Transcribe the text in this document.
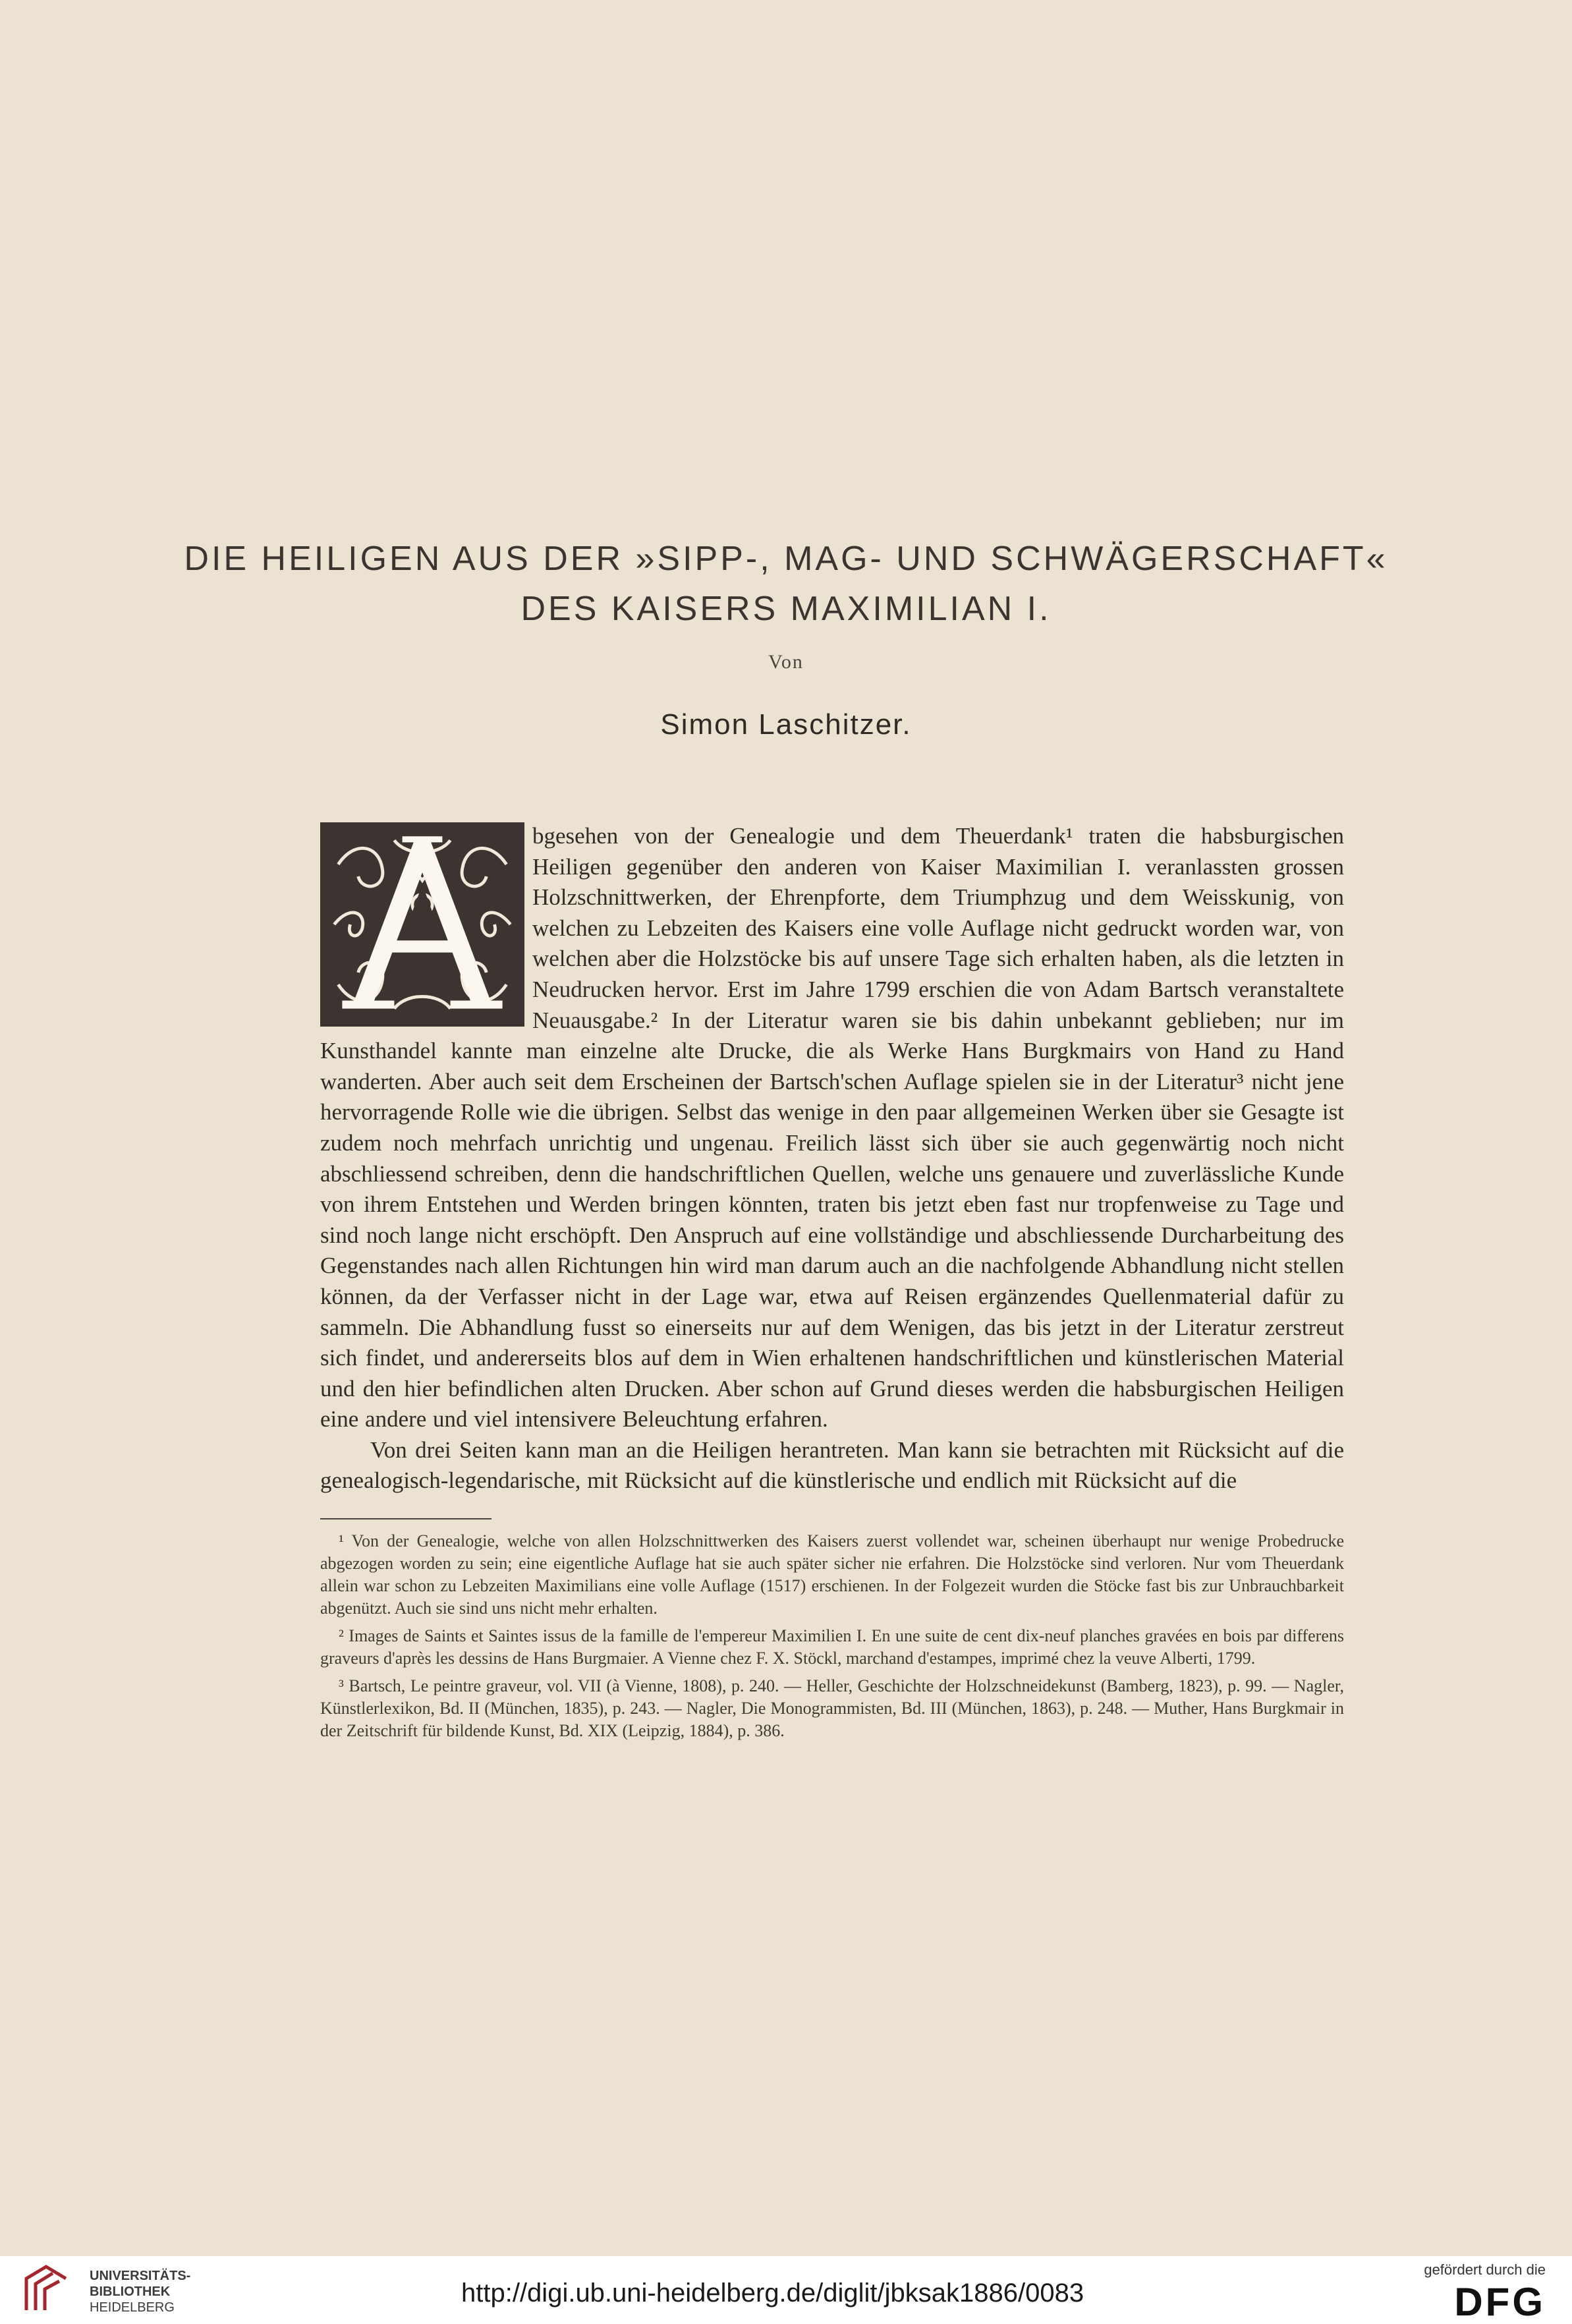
DIE HEILIGEN AUS DER »SIPP-, MAG- UND SCHWÄGERSCHAFT«
DES KAISERS MAXIMILIAN I.
Von
Simon Laschitzer.

bgesehen von der Genealogie und dem Theuerdank¹ traten die habsburgischen Heiligen gegenüber den anderen von Kaiser Maximilian I. veranlassten grossen Holzschnittwerken, der Ehrenpforte, dem Triumphzug und dem Weisskunig, von welchen zu Lebzeiten des Kaisers eine volle Auflage nicht gedruckt worden war, von welchen aber die Holzstöcke bis auf unsere Tage sich erhalten haben, als die letzten in Neudrucken hervor. Erst im Jahre 1799 erschien die von Adam Bartsch veranstaltete Neuausgabe.² In der Literatur waren sie bis dahin unbekannt geblieben; nur im Kunsthandel kannte man einzelne alte Drucke, die als Werke Hans Burgkmairs von Hand zu Hand wanderten. Aber auch seit dem Erscheinen der Bartsch'schen Auflage spielen sie in der Literatur³ nicht jene hervorragende Rolle wie die übrigen. Selbst das wenige in den paar allgemeinen Werken über sie Gesagte ist zudem noch mehrfach unrichtig und ungenau. Freilich lässt sich über sie auch gegenwärtig noch nicht abschliessend schreiben, denn die handschriftlichen Quellen, welche uns genauere und zuverlässliche Kunde von ihrem Entstehen und Werden bringen könnten, traten bis jetzt eben fast nur tropfenweise zu Tage und sind noch lange nicht erschöpft. Den Anspruch auf eine vollständige und abschliessende Durcharbeitung des Gegenstandes nach allen Richtungen hin wird man darum auch an die nachfolgende Abhandlung nicht stellen können, da der Verfasser nicht in der Lage war, etwa auf Reisen ergänzendes Quellenmaterial dafür zu sammeln. Die Abhandlung fusst so einerseits nur auf dem Wenigen, das bis jetzt in der Literatur zerstreut sich findet, und andererseits blos auf dem in Wien erhaltenen handschriftlichen und künstlerischen Material und den hier befindlichen alten Drucken. Aber schon auf Grund dieses werden die habsburgischen Heiligen eine andere und viel intensivere Beleuchtung erfahren.

Von drei Seiten kann man an die Heiligen herantreten. Man kann sie betrachten mit Rücksicht auf die genealogisch-legendarische, mit Rücksicht auf die künstlerische und endlich mit Rücksicht auf die

¹ Von der Genealogie, welche von allen Holzschnittwerken des Kaisers zuerst vollendet war, scheinen überhaupt nur wenige Probedrucke abgezogen worden zu sein; eine eigentliche Auflage hat sie auch später sicher nie erfahren. Die Holzstöcke sind verloren. Nur vom Theuerdank allein war schon zu Lebzeiten Maximilians eine volle Auflage (1517) erschienen. In der Folgezeit wurden die Stöcke fast bis zur Unbrauchbarkeit abgenützt. Auch sie sind uns nicht mehr erhalten.

² Images de Saints et Saintes issus de la famille de l'empereur Maximilien I. En une suite de cent dix-neuf planches gravées en bois par differens graveurs d'après les dessins de Hans Burgmaier. A Vienne chez F. X. Stöckl, marchand d'estampes, imprimé chez la veuve Alberti, 1799.

³ Bartsch, Le peintre graveur, vol. VII (à Vienne, 1808), p. 240. — Heller, Geschichte der Holzschneidekunst (Bamberg, 1823), p. 99. — Nagler, Künstlerlexikon, Bd. II (München, 1835), p. 243. — Nagler, Die Monogrammisten, Bd. III (München, 1863), p. 248. — Muther, Hans Burgkmair in der Zeitschrift für bildende Kunst, Bd. XIX (Leipzig, 1884), p. 386.

UNIVERSITÄTS-
BIBLIOTHEK
HEIDELBERG	http://digi.ub.uni-heidelberg.de/diglit/jbksak1886/0083
gefördert durch die
DFG
